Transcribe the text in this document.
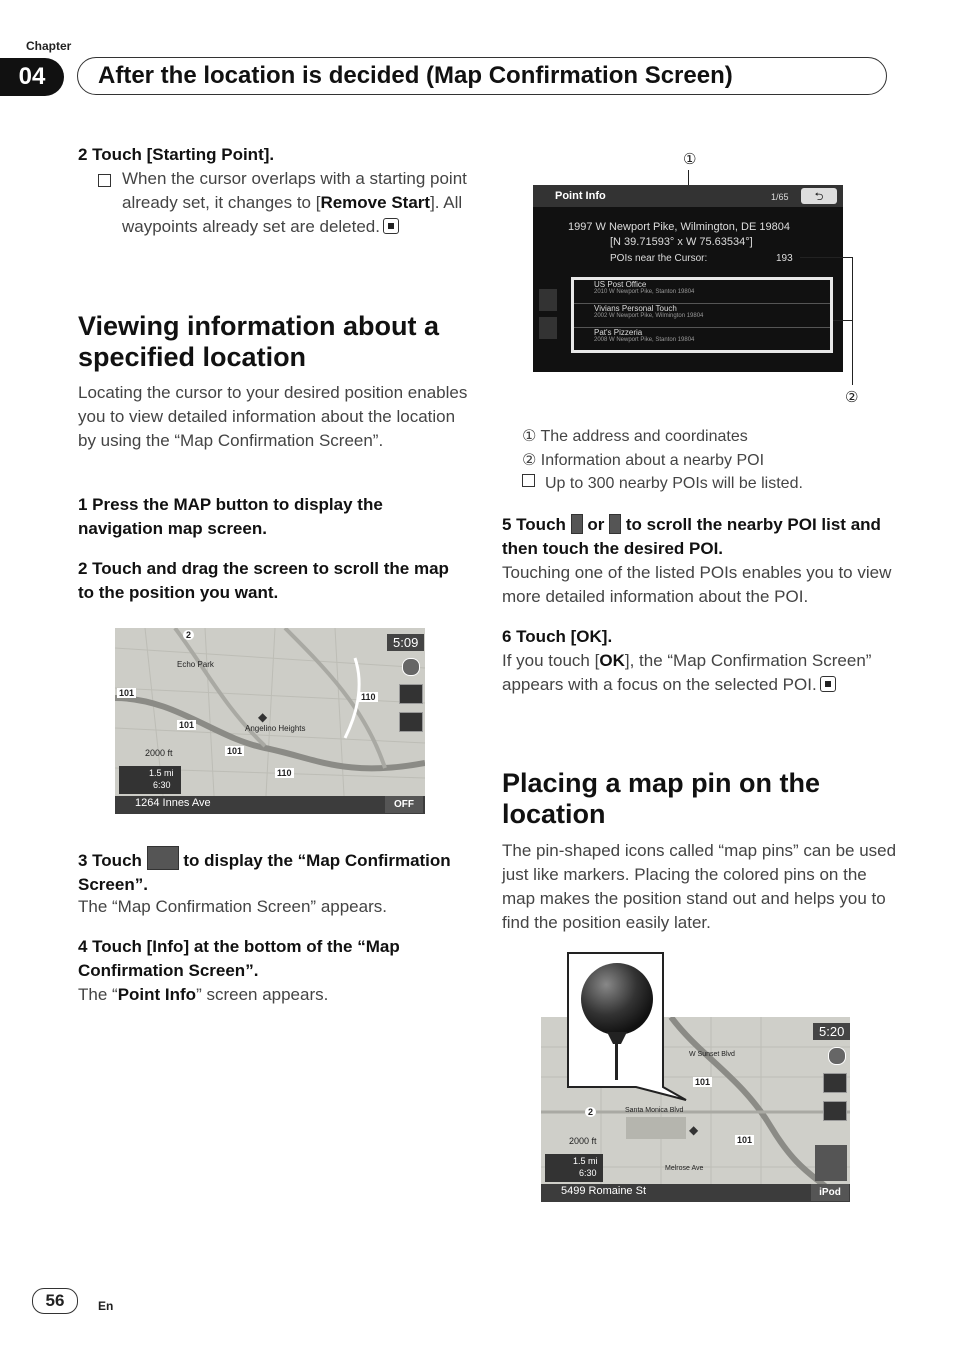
Chapter
04	After the location is decided (Map Confirmation Screen)
2 Touch [Starting Point].
When the cursor overlaps with a starting point already set, it changes to [Remove Start]. All waypoints already set are deleted.
Viewing information about a specified location
Locating the cursor to your desired position enables you to view detailed information about the location by using the “Map Confirmation Screen”.
1 Press the MAP button to display the navigation map screen.
2 Touch and drag the screen to scroll the map to the position you want.
Echo Park
Angelino Heights
101
101
101
110
110
2
◆
5:09
2000 ft
1.5 mi
6:30
1264 Innes Ave	OFF
3 Touch to display the “Map Confirmation Screen”.
The “Map Confirmation Screen” appears.
4 Touch [Info] at the bottom of the “Map Confirmation Screen”.
The “Point Info” screen appears.
①
Point Info	1/65	⮌
1997 W Newport Pike, Wilmington, DE 19804
[N 39.71593° x W 75.63534°]
POIs near the Cursor:	193
US Post Office
2010 W Newport Pike, Stanton 19804
Vivians Personal Touch
2002 W Newport Pike, Wilmington 19804
Pat's Pizzeria
2008 W Newport Pike, Stanton 19804
②
① The address and coordinates
② Information about a nearby POI
Up to 300 nearby POIs will be listed.
5 Touch or to scroll the nearby POI list and then touch the desired POI.
Touching one of the listed POIs enables you to view more detailed information about the POI.
6 Touch [OK].
If you touch [OK], the “Map Confirmation Screen” appears with a focus on the selected POI.
Placing a map pin on the location
The pin-shaped icons called “map pins” can be used just like markers. Placing the colored pins on the map makes the position stand out and helps you to find the position easily later.
W Sunset Blvd
Santa Monica Blvd
Melrose Ave
101
101
2
◆
5:20
2000 ft
1.5 mi
6:30
5499 Romaine St	iPod
56	En
